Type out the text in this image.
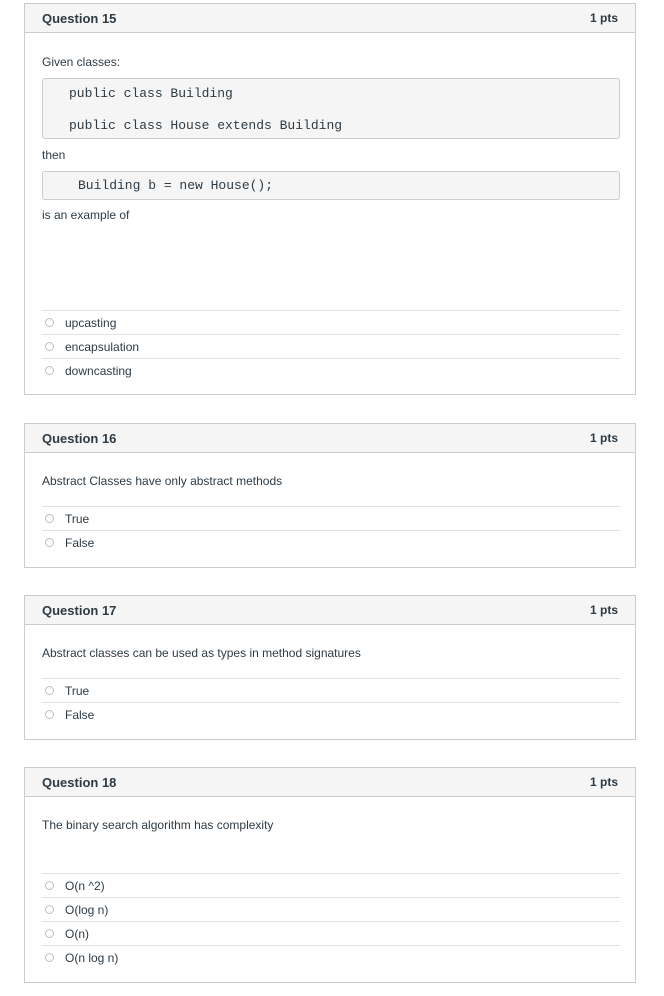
Question 15	1 pts
Given classes:
public class Building
public class House extends Building
then
Building b = new House();
is an example of
upcasting
encapsulation
downcasting
Question 16	1 pts
Abstract Classes have only abstract methods
True
False
Question 17	1 pts
Abstract classes can be used as types in method signatures
True
False
Question 18	1 pts
The binary search algorithm has complexity
O(n ^2)
O(log n)
O(n)
O(n log n)
